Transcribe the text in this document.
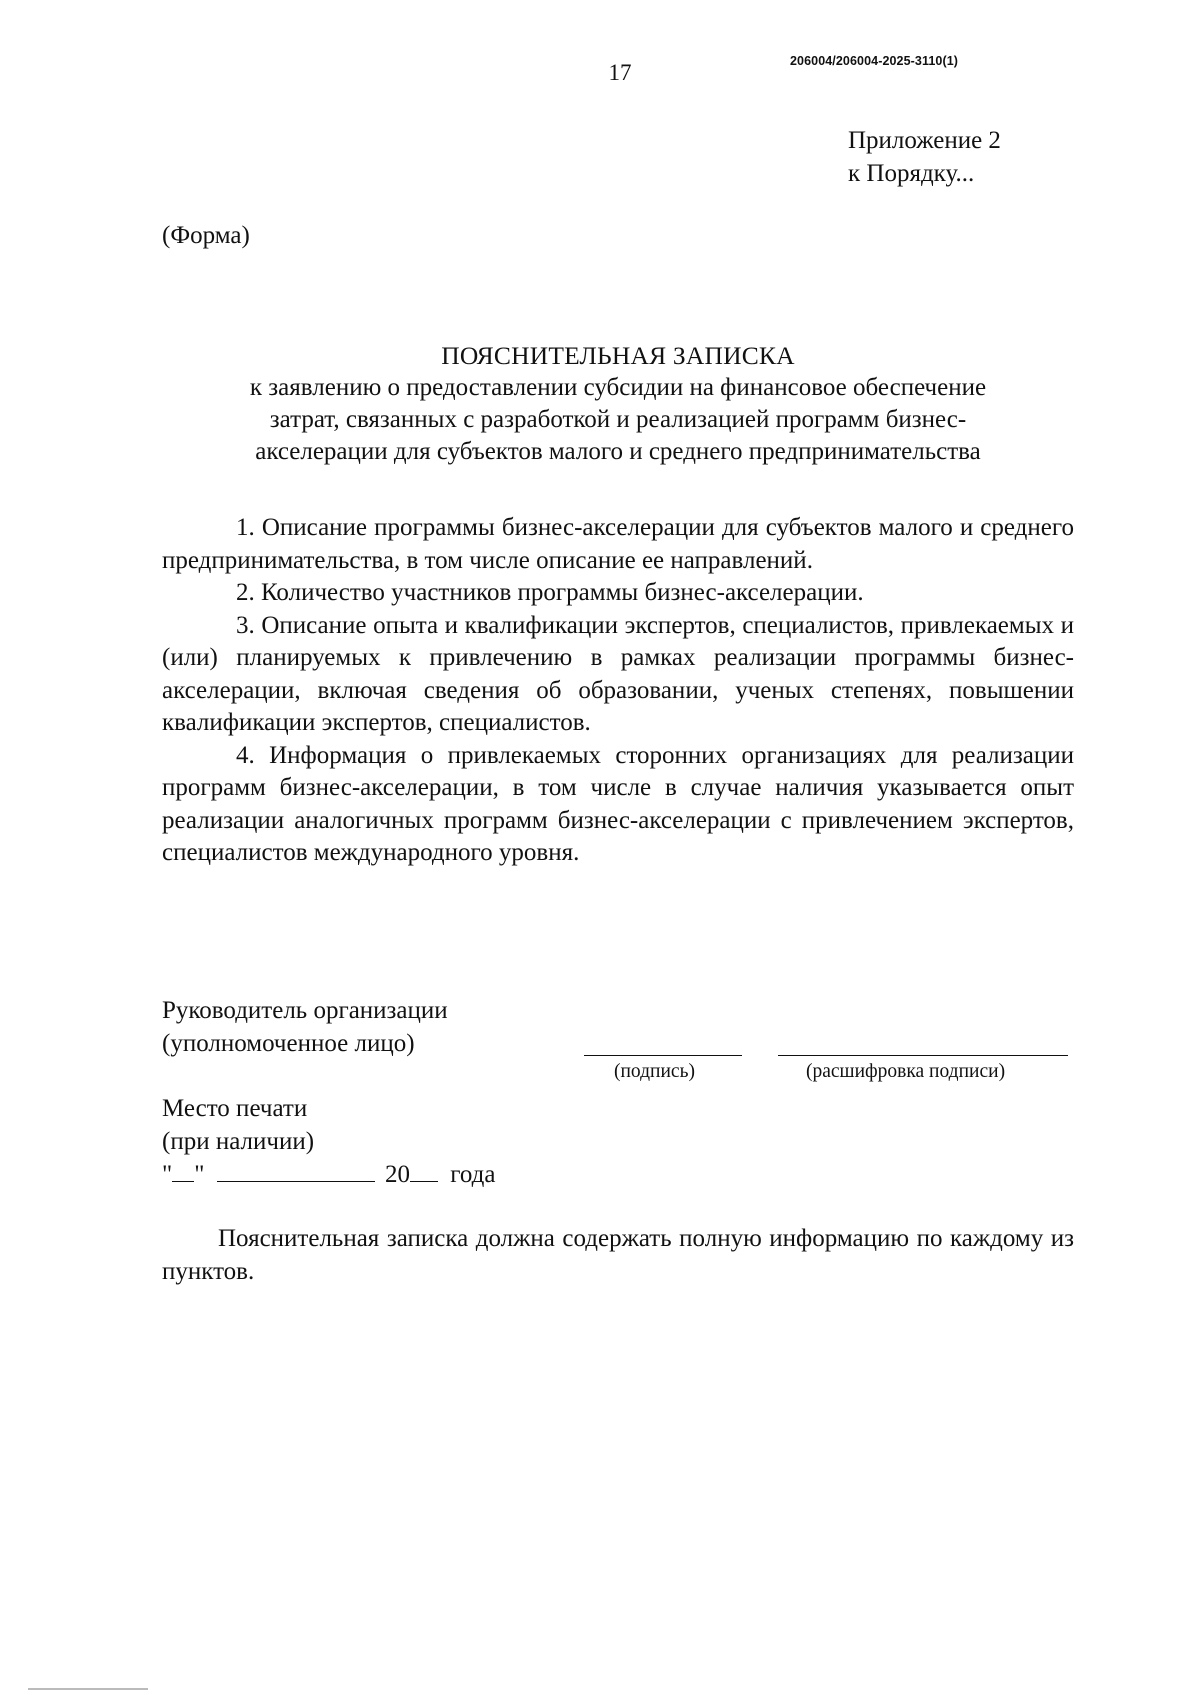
17	206004/206004-2025-3110(1)
Приложение 2
к Порядку...
(Форма)
ПОЯСНИТЕЛЬНАЯ ЗАПИСКА
к заявлению о предоставлении субсидии на финансовое обеспечение
затрат, связанных с разработкой и реализацией программ бизнес-
акселерации для субъектов малого и среднего предпринимательства

1. Описание программы бизнес-акселерации для субъектов малого и среднего предпринимательства, в том числе описание ее направлений.

2. Количество участников программы бизнес-акселерации.

3. Описание опыта и квалификации экспертов, специалистов, привлекаемых и (или) планируемых к привлечению в рамках реализации программы бизнес-акселерации, включая сведения об образовании, ученых степенях, повышении квалификации экспертов, специалистов.

4. Информация о привлекаемых сторонних организациях для реализации программ бизнес-акселерации, в том числе в случае наличия указывается опыт реализации аналогичных программ бизнес-акселерации с привлечением экспертов, специалистов международного уровня.

Руководитель организации
(уполномоченное лицо)
(подпись)	(расшифровка подписи)
Место печати
(при наличии)
" "	20 года

Пояснительная записка должна содержать полную информацию по каждому из пунктов.
